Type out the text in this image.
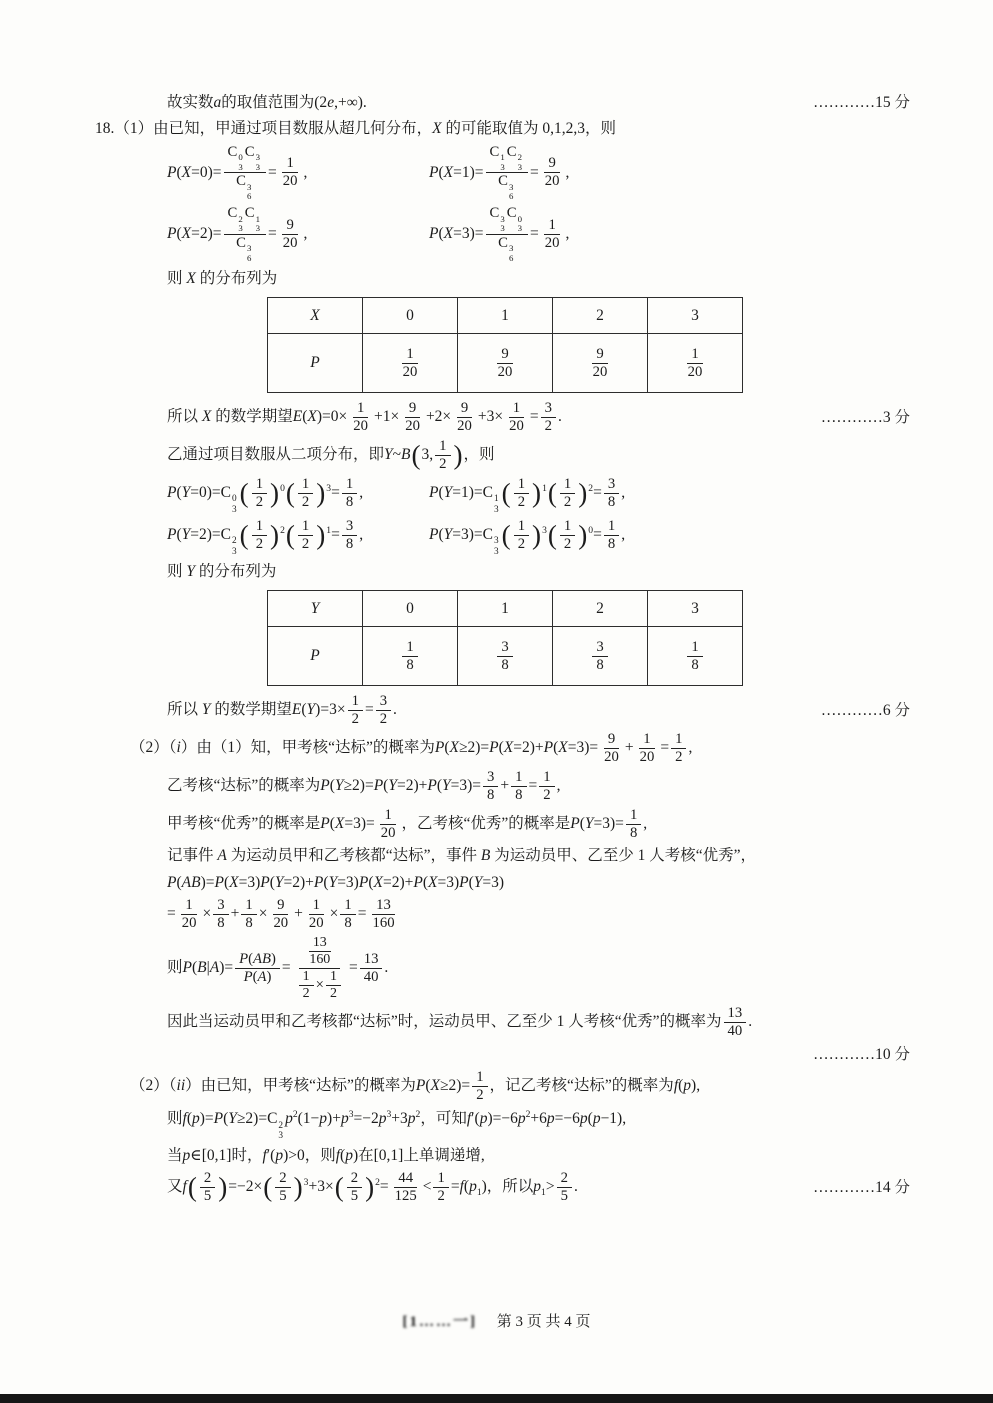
故实数a的取值范围为(2e,+∞).	…………15 分
18.（1）由已知，甲通过项目数服从超几何分布，X 的可能取值为 0,1,2,3，则
P(X=0)= C 0
3
C 3
3
C 3
$6 = \frac{1}{20}$ ,	P(X=1)= C 1
3
C 2
3
C 3
$6 = \frac{9}{20}$ ,
P(X=2)= C 2
3
C 1
3
C 3
$6 = \frac{9}{20}$ ,	P(X=3)= C 3
3
C 0
3
C 3
$6 = \frac{1}{20}$ ,
则 X 的分布列为
X	0	1	2	3
P	$\frac{1}{20}$	$\frac{9}{20}$	$\frac{9}{20}$	$\frac{1}{20}$
所以 X 的数学期望$E(X)=0\times \frac{1}{20} +1\times \frac{9}{20} +2\times \frac{9}{20} +3\times \frac{1}{20} = \frac{3}{2}$ .	…………3 分
乙通过项目数服从二项分布，即Y~B(3, $\frac{1}{2}$ )，则
P(Y=0)=C 0
3
( $\frac{1}{2} )^0( \frac{1}{2} )^3= \frac{1}{8}$ ,	P(Y=1)=C 1
3
( $\frac{1}{2} )^1( \frac{1}{2} )^2= \frac{3}{8}$ ,
P(Y=2)=C 2
3
( $\frac{1}{2} )^2( \frac{1}{2} )^1= \frac{3}{8}$ ,	P(Y=3)=C 3
3
( $\frac{1}{2} )^3( \frac{1}{2} )^0= \frac{1}{8}$ ,
则 Y 的分布列为
Y	0	1	2	3
P	$\frac{1}{8}$	$\frac{3}{8}$	$\frac{3}{8}$	$\frac{1}{8}$
所以 Y 的数学期望$E(Y)=3\times \frac{1}{2} = \frac{3}{2}$ .	…………6 分
（2）（i）由（1）知，甲考核“达标”的概率为$P(X\ge 2)=P(X=2)+P(X=3)= \frac{9}{20} + \frac{1}{20} = \frac{1}{2}$ ,
乙考核“达标”的概率为$P(Y\ge 2)=P(Y=2)+P(Y=3)= \frac{3}{8} + \frac{1}{8} = \frac{1}{2}$ ,
甲考核“优秀”的概率是$P(X=3)= \frac{1}{20}$ ，乙考核“优秀”的概率是$P(Y=3)= \frac{1}{8}$ ,
记事件 A 为运动员甲和乙考核都“达标”，事件 B 为运动员甲、乙至少 1 人考核“优秀”，
P(AB)=P(X=3)P(Y=2)+P(Y=3)P(X=2)+P(X=3)P(Y=3)
= $\frac{1}{20} \times \frac{3}{8} + \frac{1}{8} \times \frac{9}{20} + \frac{1}{20} \times \frac{1}{8} = \frac{13}{160}$
则$P(B|A)= \frac{P(AB)}{P(A)} = \frac{\frac{13}{160}}{\frac{1}{2} \times \frac{1}{2}} = \frac{13}{40}$ .
因此当运动员甲和乙考核都“达标”时，运动员甲、乙至少 1 人考核“优秀”的概率为 $\frac{13}{40}$ .
…………10 分
（2）（ii）由已知，甲考核“达标”的概率为$P(X\ge 2)= \frac{1}{2}$ ，记乙考核“达标”的概率为f(p),
则f(p)=P(Y≥2)=C 2
3
$p^2(1-p)+p^3=-2p^3+3p^2$，可知$f'(p)=-6p^2+6p=-6p(p-1)$,
当p∈[0,1]时，f′(p)>0，则f(p)在[0,1]上单调递增,
又$f( \frac{2}{5} )=-2\times( \frac{2}{5} )^3+3\times( \frac{2}{5} )^2= \frac{44}{125} < \frac{1}{2} =f(p_1)$，所以$p_1> \frac{2}{5}$ .	…………14 分
[1……一] 第 3 页 共 4 页
